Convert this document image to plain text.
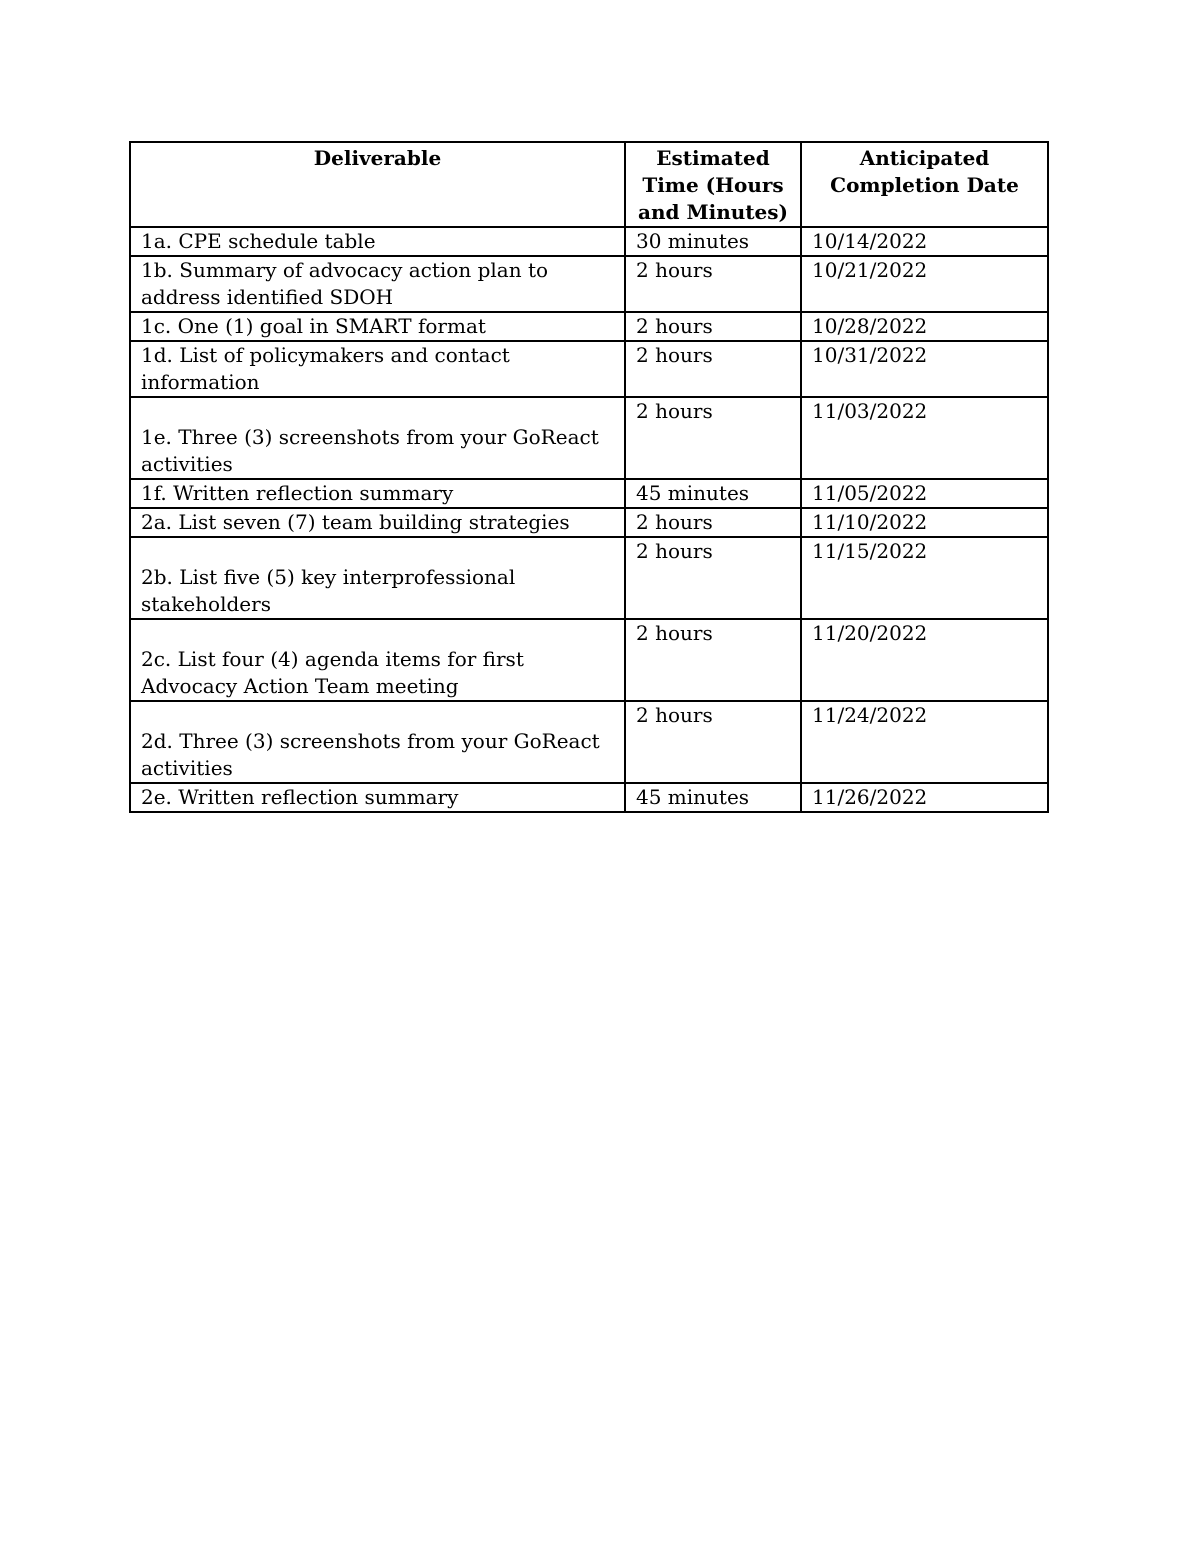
Deliverable	Estimated Time (Hours and Minutes)	Anticipated Completion Date
1a. CPE schedule table	30 minutes	10/14/2022
1b. Summary of advocacy action plan to address identified SDOH	2 hours	10/21/2022
1c. One (1) goal in SMART format	2 hours	10/28/2022
1d. List of policymakers and contact information	2 hours	10/31/2022
1e. Three (3) screenshots from your GoReact activities	2 hours	11/03/2022
1f. Written reflection summary	45 minutes	11/05/2022
2a. List seven (7) team building strategies	2 hours	11/10/2022
2b. List five (5) key interprofessional stakeholders	2 hours	11/15/2022
2c. List four (4) agenda items for first Advocacy Action Team meeting	2 hours	11/20/2022
2d. Three (3) screenshots from your GoReact activities	2 hours	11/24/2022
2e. Written reflection summary	45 minutes	11/26/2022
